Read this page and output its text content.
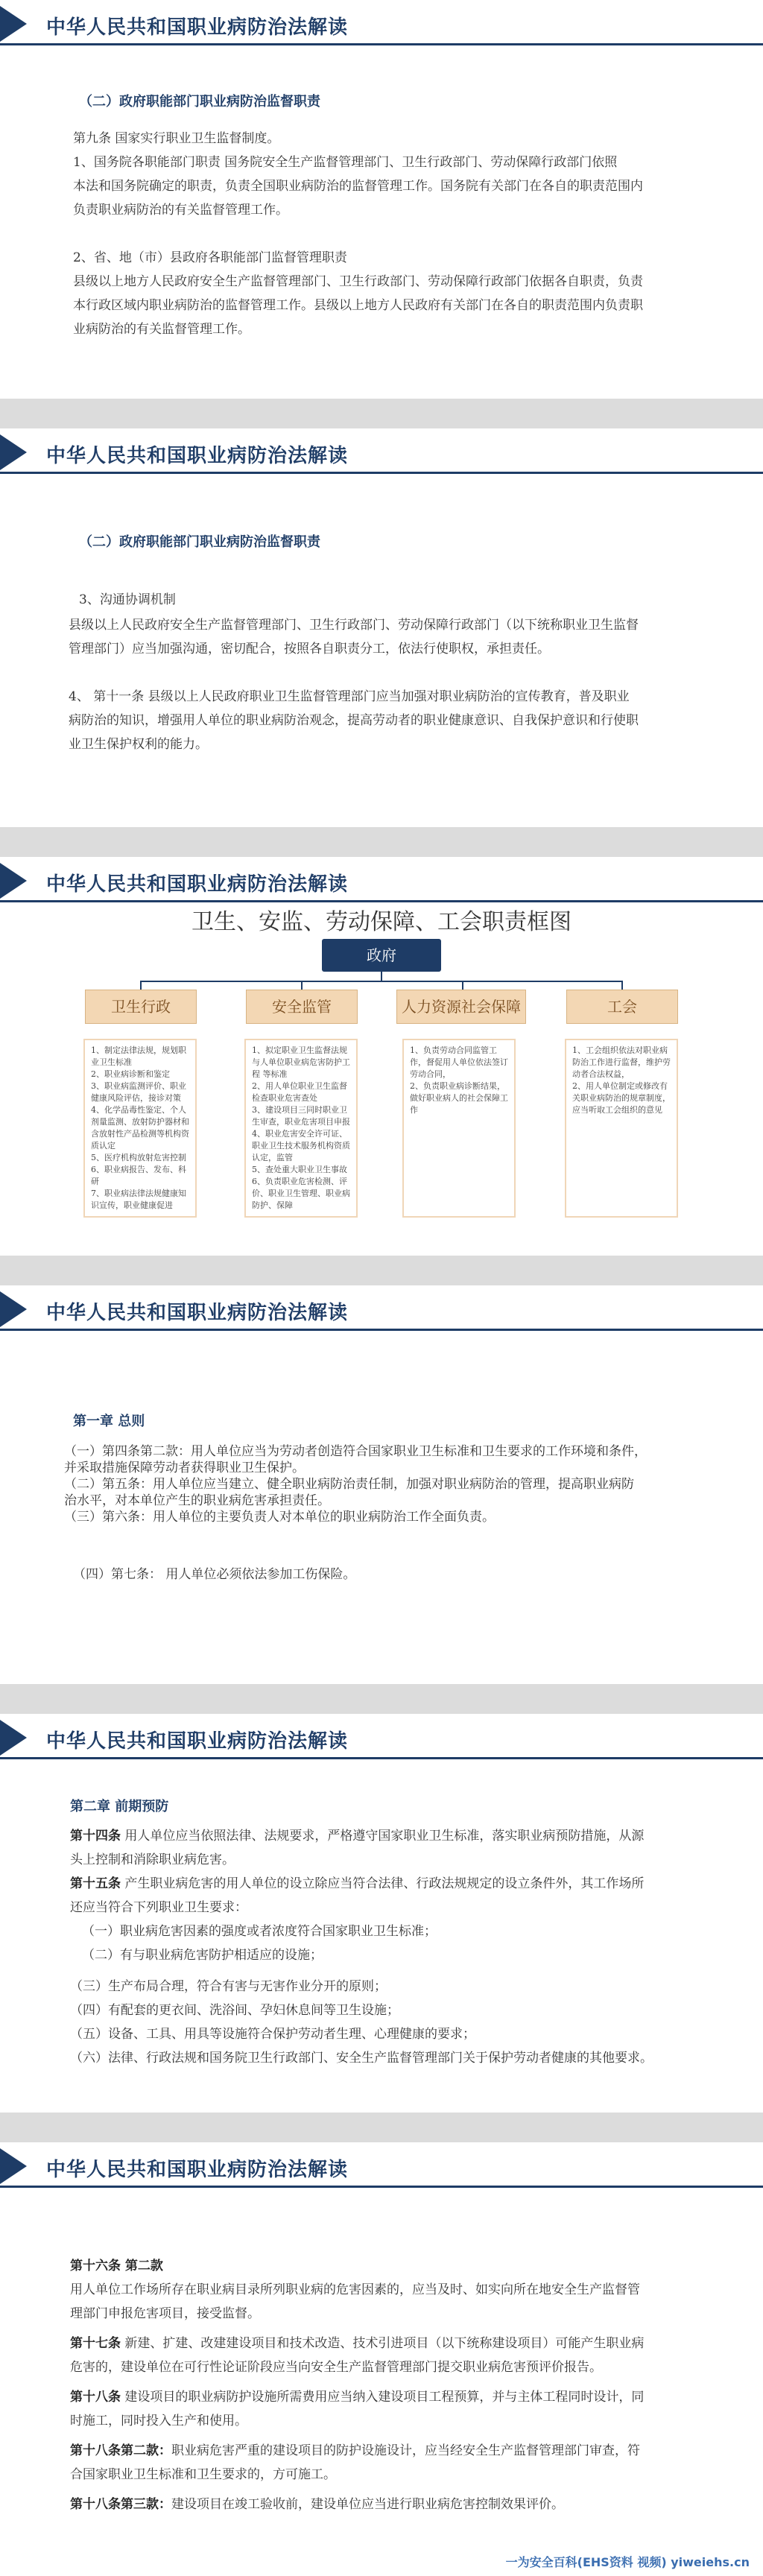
中华人民共和国职业病防治法解读
（二）政府职能部门职业病防治监督职责
第九条 国家实行职业卫生监督制度。
1、国务院各职能部门职责 国务院安全生产监督管理部门、卫生行政部门、劳动保障行政部门依照
本法和国务院确定的职责，负责全国职业病防治的监督管理工作。国务院有关部门在各自的职责范围内
负责职业病防治的有关监督管理工作。
2、省、地（市）县政府各职能部门监督管理职责
县级以上地方人民政府安全生产监督管理部门、卫生行政部门、劳动保障行政部门依据各自职责，负责
本行政区域内职业病防治的监督管理工作。县级以上地方人民政府有关部门在各自的职责范围内负责职
业病防治的有关监督管理工作。
中华人民共和国职业病防治法解读
（二）政府职能部门职业病防治监督职责
3、沟通协调机制
县级以上人民政府安全生产监督管理部门、卫生行政部门、劳动保障行政部门（以下统称职业卫生监督
管理部门）应当加强沟通，密切配合，按照各自职责分工，依法行使职权，承担责任。
4、 第十一条 县级以上人民政府职业卫生监督管理部门应当加强对职业病防治的宣传教育，普及职业
病防治的知识，增强用人单位的职业病防治观念，提高劳动者的职业健康意识、自我保护意识和行使职
业卫生保护权利的能力。
中华人民共和国职业病防治法解读
卫生、安监、劳动保障、工会职责框图
政府
卫生行政	安全监管	人力资源社会保障	工会
1、制定法律法规，规划职业卫生标准
2、职业病诊断和鉴定
3、职业病监测评价、职业健康风险评估，接诊对策
4、化学品毒性鉴定、个人剂量监测、放射防护器材和含放射性产品检测等机构资质认定
5、医疗机构放射危害控制
6、职业病报告、发布、科研
7、职业病法律法规健康知识宣传，职业健康促进
1、拟定职业卫生监督法规与人单位职业病危害防护工程 等标准
2、用人单位职业卫生监督检查职业危害查处
3、建设项目三同时职业卫生审查，职业危害项目申报
4、职业危害安全许可证、职业卫生技术服务机构资质认定，监管
5、查处重大职业卫生事故
6、负责职业危害检测、评价、职业卫生管理、职业病防护、保障
1、负责劳动合同监管工作，督促用人单位依法签订劳动合同，
2、负责职业病诊断结果，做好职业病人的社会保障工作
1、工会组织依法对职业病防治工作进行监督，维护劳动者合法权益，
2、用人单位制定或修改有关职业病防治的规章制度，应当听取工会组织的意见
中华人民共和国职业病防治法解读
第一章 总则
（一）第四条第二款：用人单位应当为劳动者创造符合国家职业卫生标准和卫生要求的工作环境和条件，
并采取措施保障劳动者获得职业卫生保护。
（二）第五条：用人单位应当建立、健全职业病防治责任制，加强对职业病防治的管理，提高职业病防
治水平，对本单位产生的职业病危害承担责任。
（三）第六条：用人单位的主要负责人对本单位的职业病防治工作全面负责。
（四）第七条： 用人单位必须依法参加工伤保险。
中华人民共和国职业病防治法解读
第二章 前期预防
第十四条 用人单位应当依照法律、法规要求，严格遵守国家职业卫生标准，落实职业病预防措施，从源
头上控制和消除职业病危害。
第十五条 产生职业病危害的用人单位的设立除应当符合法律、行政法规规定的设立条件外，其工作场所
还应当符合下列职业卫生要求：
（一）职业病危害因素的强度或者浓度符合国家职业卫生标准；
（二）有与职业病危害防护相适应的设施；
（三）生产布局合理，符合有害与无害作业分开的原则；
（四）有配套的更衣间、洗浴间、孕妇休息间等卫生设施；
（五）设备、工具、用具等设施符合保护劳动者生理、心理健康的要求；
（六）法律、行政法规和国务院卫生行政部门、安全生产监督管理部门关于保护劳动者健康的其他要求。
中华人民共和国职业病防治法解读
第十六条 第二款
用人单位工作场所存在职业病目录所列职业病的危害因素的，应当及时、如实向所在地安全生产监督管
理部门申报危害项目，接受监督。
第十七条 新建、扩建、改建建设项目和技术改造、技术引进项目（以下统称建设项目）可能产生职业病
危害的，建设单位在可行性论证阶段应当向安全生产监督管理部门提交职业病危害预评价报告。
第十八条 建设项目的职业病防护设施所需费用应当纳入建设项目工程预算，并与主体工程同时设计，同
时施工，同时投入生产和使用。
第十八条第二款：职业病危害严重的建设项目的防护设施设计，应当经安全生产监督管理部门审查，符
合国家职业卫生标准和卫生要求的，方可施工。
第十八条第三款：建设项目在竣工验收前，建设单位应当进行职业病危害控制效果评价。
一为安全百科(EHS资料 视频) yiweiehs.cn
